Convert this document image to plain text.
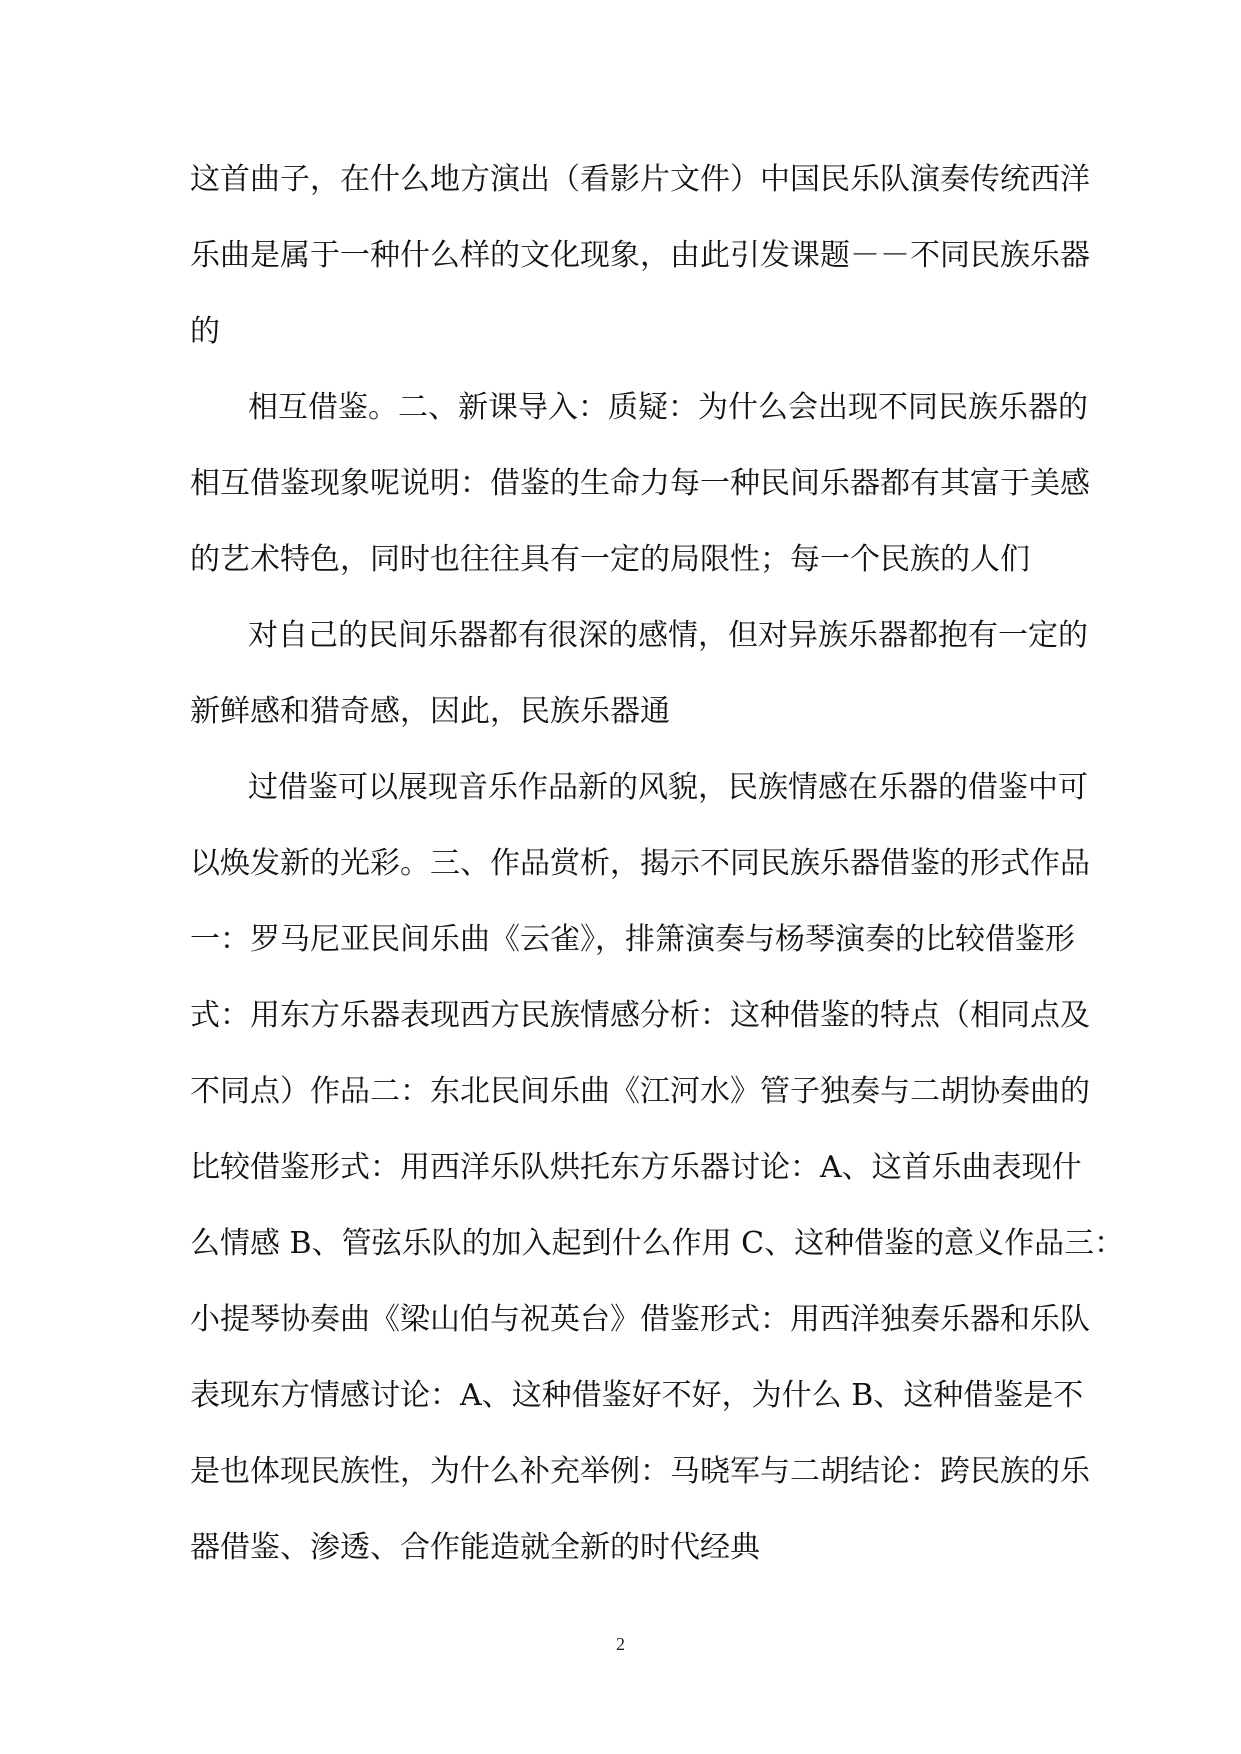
这首曲子，在什么地方演出（看影片文件）中国民乐队演奏传统西洋
乐曲是属于一种什么样的文化现象，由此引发课题－－不同民族乐器
的
相互借鉴。二、新课导入：质疑：为什么会出现不同民族乐器的
相互借鉴现象呢说明：借鉴的生命力每一种民间乐器都有其富于美感
的艺术特色，同时也往往具有一定的局限性；每一个民族的人们
对自己的民间乐器都有很深的感情，但对异族乐器都抱有一定的
新鲜感和猎奇感，因此，民族乐器通
过借鉴可以展现音乐作品新的风貌，民族情感在乐器的借鉴中可
以焕发新的光彩。三、作品赏析，揭示不同民族乐器借鉴的形式作品
一：罗马尼亚民间乐曲《云雀》，排箫演奏与杨琴演奏的比较借鉴形
式：用东方乐器表现西方民族情感分析：这种借鉴的特点（相同点及
不同点）作品二：东北民间乐曲《江河水》管子独奏与二胡协奏曲的
比较借鉴形式：用西洋乐队烘托东方乐器讨论：A、这首乐曲表现什
么情感 B、管弦乐队的加入起到什么作用 C、这种借鉴的意义作品三：
小提琴协奏曲《梁山伯与祝英台》借鉴形式：用西洋独奏乐器和乐队
表现东方情感讨论：A、这种借鉴好不好，为什么 B、这种借鉴是不
是也体现民族性，为什么补充举例：马晓军与二胡结论：跨民族的乐
器借鉴、渗透、合作能造就全新的时代经典
2
